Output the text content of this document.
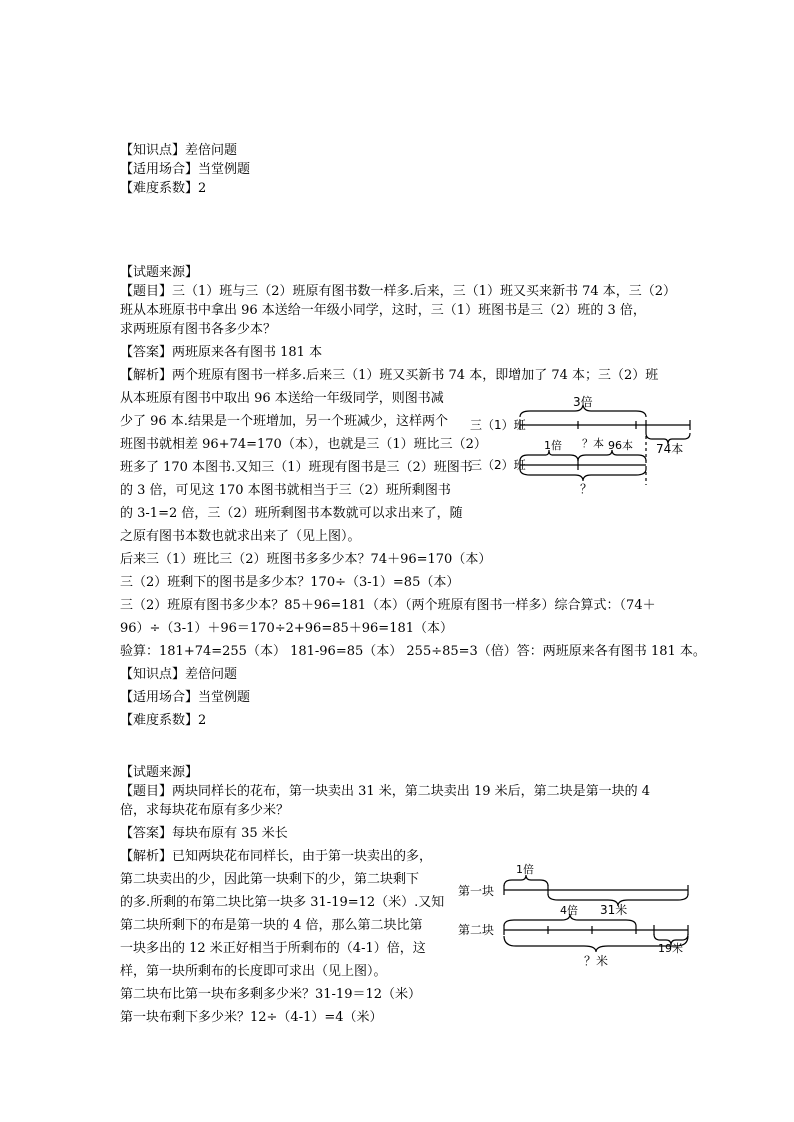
【知识点】差倍问题
【适用场合】当堂例题
【难度系数】2
【试题来源】
【题目】三（1）班与三（2）班原有图书数一样多.后来，三（1）班又买来新书 74 本，三（2）
班从本班原书中拿出 96 本送给一年级小同学，这时，三（1）班图书是三（2）班的 3 倍，
求两班原有图书各多少本？
【答案】两班原来各有图书 181 本
【解析】两个班原有图书一样多.后来三（1）班又买新书 74 本，即增加了 74 本；三（2）班
从本班原有图书中取出 96 本送给一年级同学，则图书减
少了 96 本.结果是一个班增加，另一个班减少，这样两个
班图书就相差 96+74=170（本），也就是三（1）班比三（2）
班多了 170 本图书.又知三（1）班现有图书是三（2）班图书
的 3 倍，可见这 170 本图书就相当于三（2）班所剩图书
的 3-1=2 倍，三（2）班所剩图书本数就可以求出来了，随
之原有图书本数也就求出来了（见上图）。
后来三（1）班比三（2）班图书多多少本？74＋96=170（本）
三（2）班剩下的图书是多少本？170÷（3-1）=85（本）
三（2）班原有图书多少本？85＋96=181（本）（两个班原有图书一样多）综合算式：（74＋
96）÷（3-1）＋96＝170÷2+96=85＋96=181（本）
验算：181+74=255（本） 181-96=85（本） 255÷85=3（倍）答：两班原来各有图书 181 本。
【知识点】差倍问题
【适用场合】当堂例题
【难度系数】2
三（1）班
三（2）班
3倍
74本
1倍 ？本 96本
？
【试题来源】
【题目】两块同样长的花布，第一块卖出 31 米，第二块卖出 19 米后，第二块是第一块的 4
倍，求每块花布原有多少米？
【答案】每块布原有 35 米长
【解析】已知两块花布同样长，由于第一块卖出的多，
第二块卖出的少，因此第一块剩下的少，第二块剩下
的多.所剩的布第二块比第一块多 31-19=12（米）.又知
第二块所剩下的布是第一块的 4 倍，那么第二块比第
一块多出的 12 米正好相当于所剩布的（4-1）倍，这
样，第一块所剩布的长度即可求出（见上图）。
第二块布比第一块布多剩多少米？31-19＝12（米）
第一块布剩下多少米？12÷（4-1）=4（米）
第一块
第二块
1倍
31米
4倍
19米
？米
